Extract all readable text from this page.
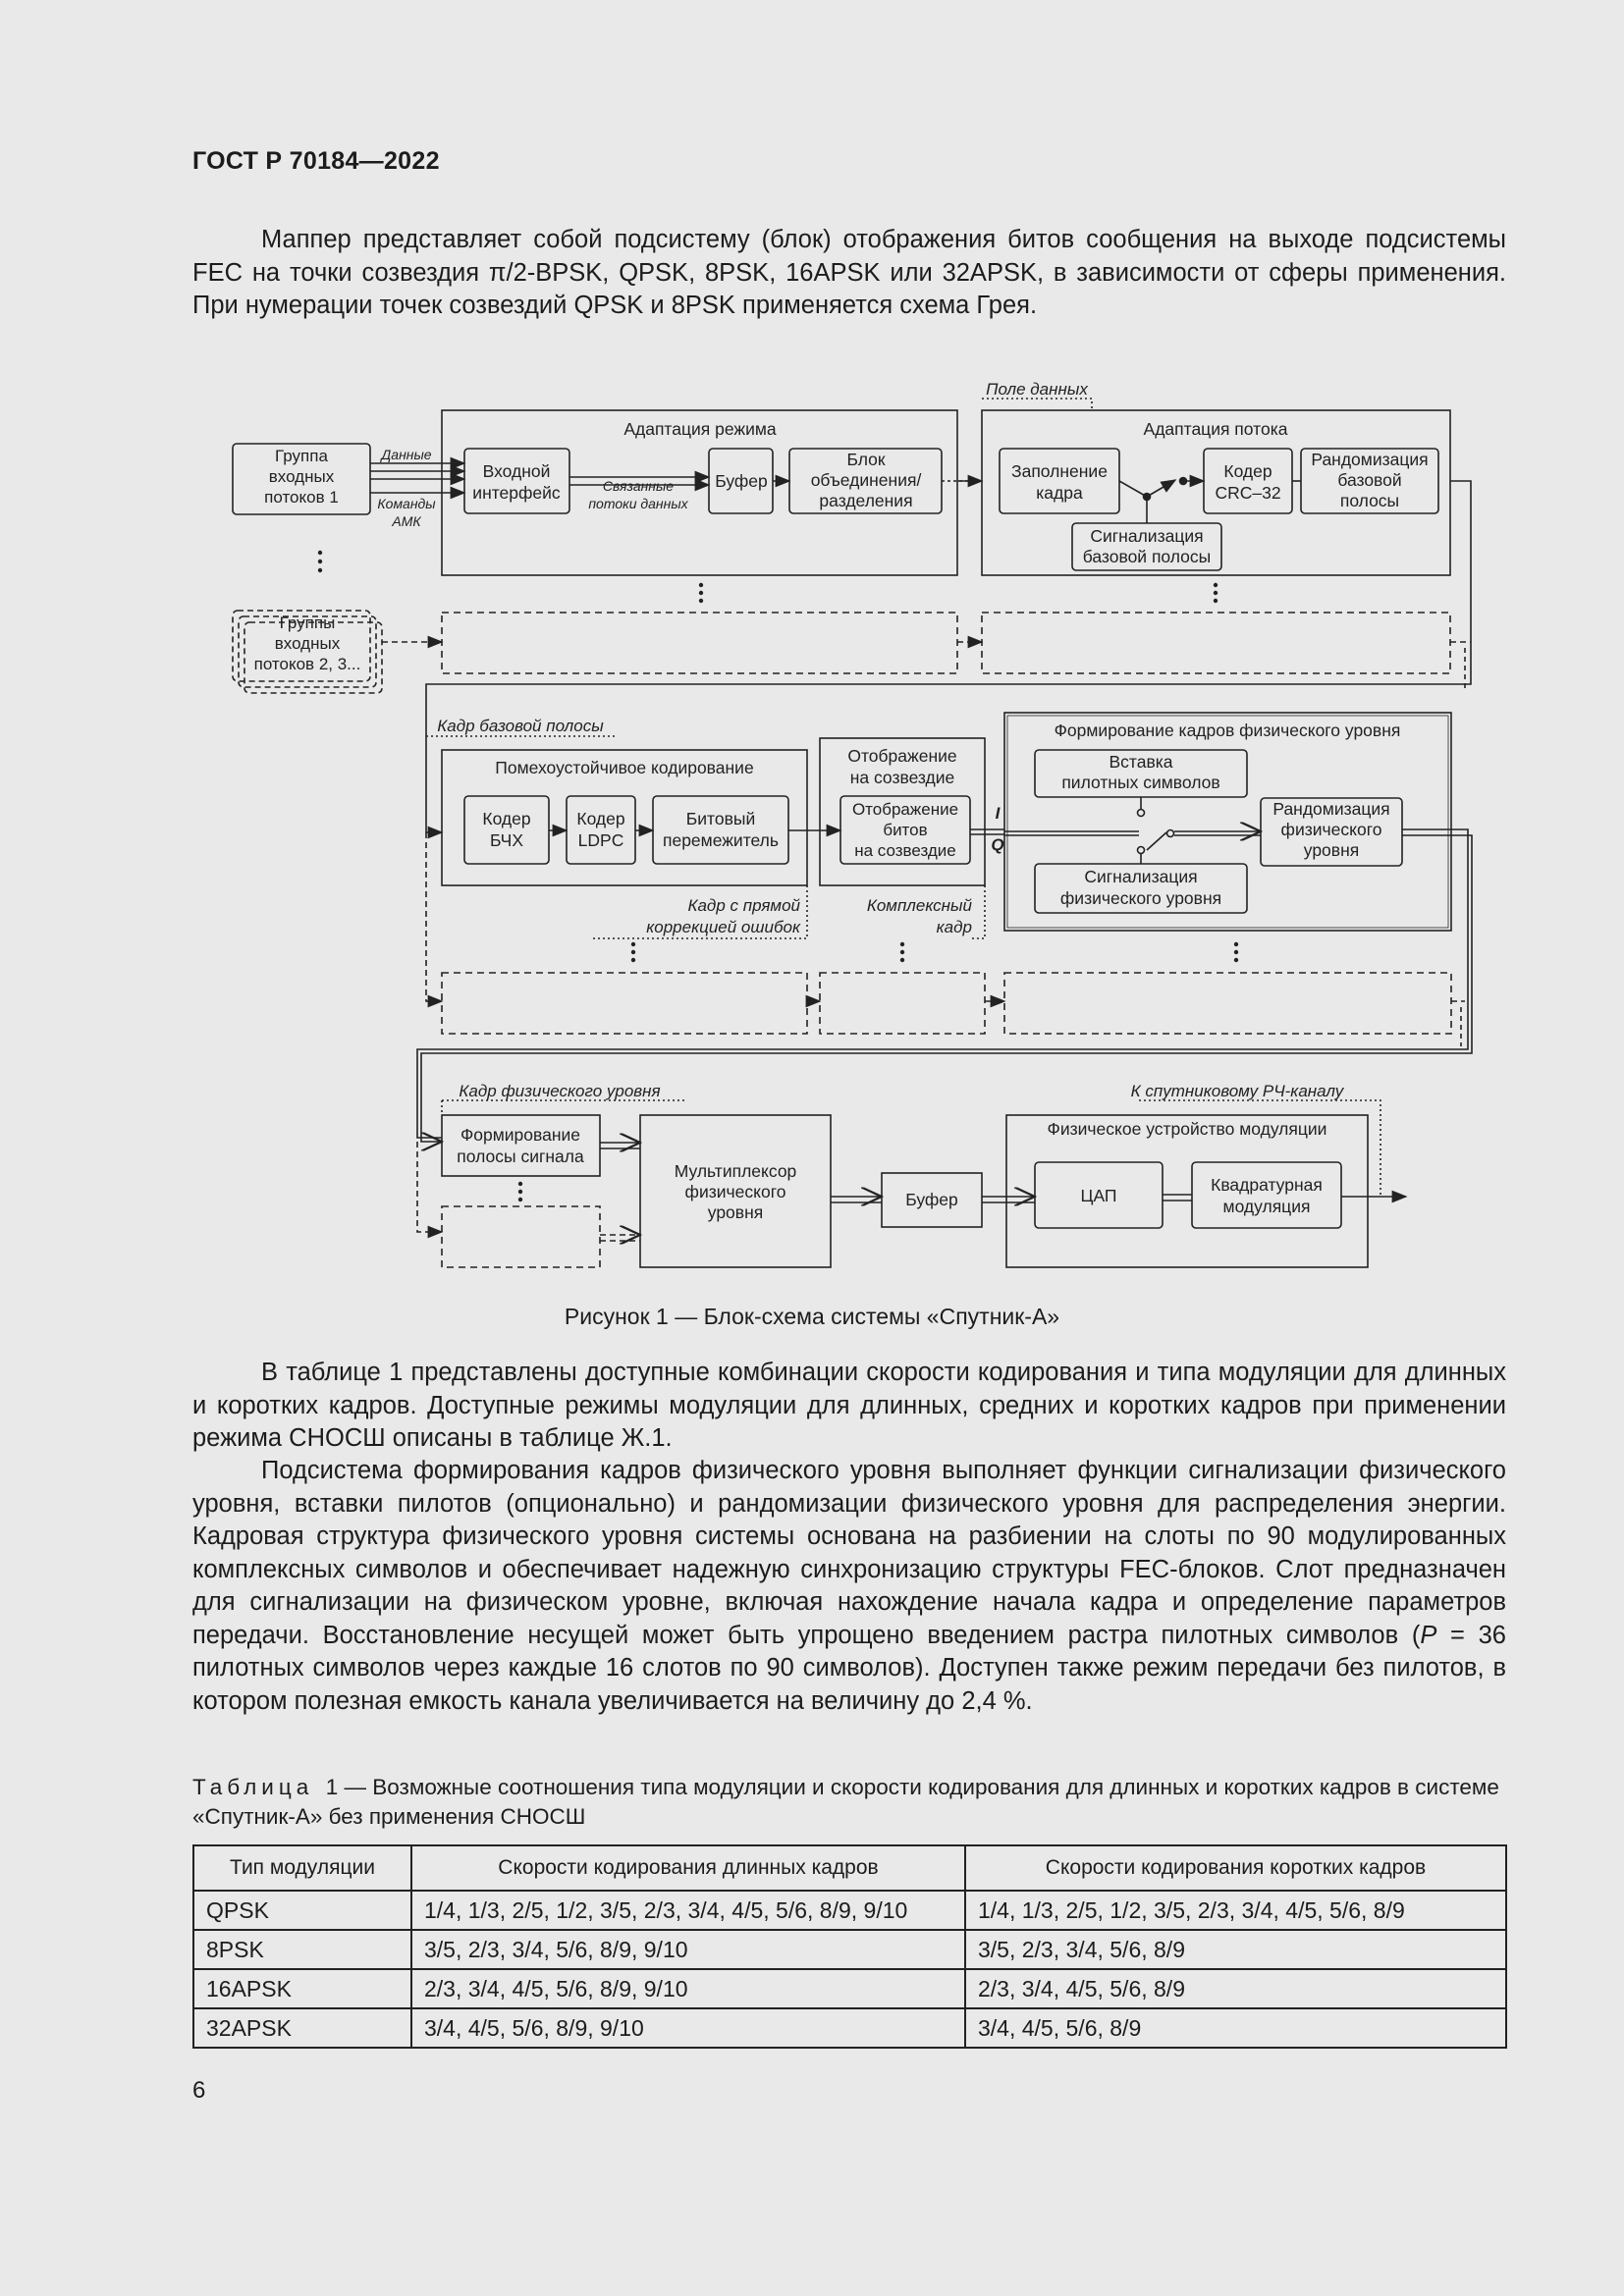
ГОСТ Р 70184—2022
Маппер представляет собой подсистему (блок) отображения битов сообщения на выходе подсистемы FEC на точки созвездия π/2-BPSK, QPSK, 8PSK, 16APSK или 32APSK, в зависимости от сферы применения. При нумерации точек созвездий QPSK и 8PSK применяется схема Грея.
Поле данных
Адаптация режима	Адаптация потока
Группа входных потоков 1
Данные
Команды АМК
Входной интерфейс	Связанные потоки данных
Буфер
Блок объединения/ разделения
Заполнение кадра
Кодер CRC–32
Рандомизация базовой полосы
Сигнализация базовой полосы
Группы входных потоков 2, 3...
Кадр базовой полосы
Помехоустойчивое кодирование
Кодер БЧХ
Кодер LDPC
Битовый перемежитель
Отображение на созвездие
Отображение битов на созвездие
I
Q
Формирование кадров физического уровня
Вставка пилотных символов
Рандомизация физического уровня
Сигнализация физического уровня
Кадр с прямой коррекцией ошибок
Комплексный кадр
Кадр физического уровня	К спутниковому РЧ-каналу
Формирование полосы сигнала
Мультиплексор физического уровня
Буфер
Физическое устройство модуляции
ЦАП
Квадратурная модуляция
Рисунок 1 — Блок-схема системы «Спутник-А»
В таблице 1 представлены доступные комбинации скорости кодирования и типа модуляции для длинных и коротких кадров. Доступные режимы модуляции для длинных, средних и коротких кадров при применении режима СНОСШ описаны в таблице Ж.1.
Подсистема формирования кадров физического уровня выполняет функции сигнализации физического уровня, вставки пилотов (опционально) и рандомизации физического уровня для распределения энергии. Кадровая структура физического уровня системы основана на разбиении на слоты по 90 модулированных комплексных символов и обеспечивает надежную синхронизацию структуры FEC-блоков. Слот предназначен для сигнализации на физическом уровне, включая нахождение начала кадра и определение параметров передачи. Восстановление несущей может быть упрощено введением растра пилотных символов (P = 36 пилотных символов через каждые 16 слотов по 90 символов). Доступен также режим передачи без пилотов, в котором полезная емкость канала увеличивается на величину до 2,4 %.
Таблица 1 — Возможные соотношения типа модуляции и скорости кодирования для длинных и коротких кадров в системе «Спутник-А» без применения СНОСШ
Тип модуляции	Скорости кодирования длинных кадров	Скорости кодирования коротких кадров
QPSK	1/4, 1/3, 2/5, 1/2, 3/5, 2/3, 3/4, 4/5, 5/6, 8/9, 9/10	1/4, 1/3, 2/5, 1/2, 3/5, 2/3, 3/4, 4/5, 5/6, 8/9
8PSK	3/5, 2/3, 3/4, 5/6, 8/9, 9/10	3/5, 2/3, 3/4, 5/6, 8/9
16APSK	2/3, 3/4, 4/5, 5/6, 8/9, 9/10	2/3, 3/4, 4/5, 5/6, 8/9
32APSK	3/4, 4/5, 5/6, 8/9, 9/10	3/4, 4/5, 5/6, 8/9
6
